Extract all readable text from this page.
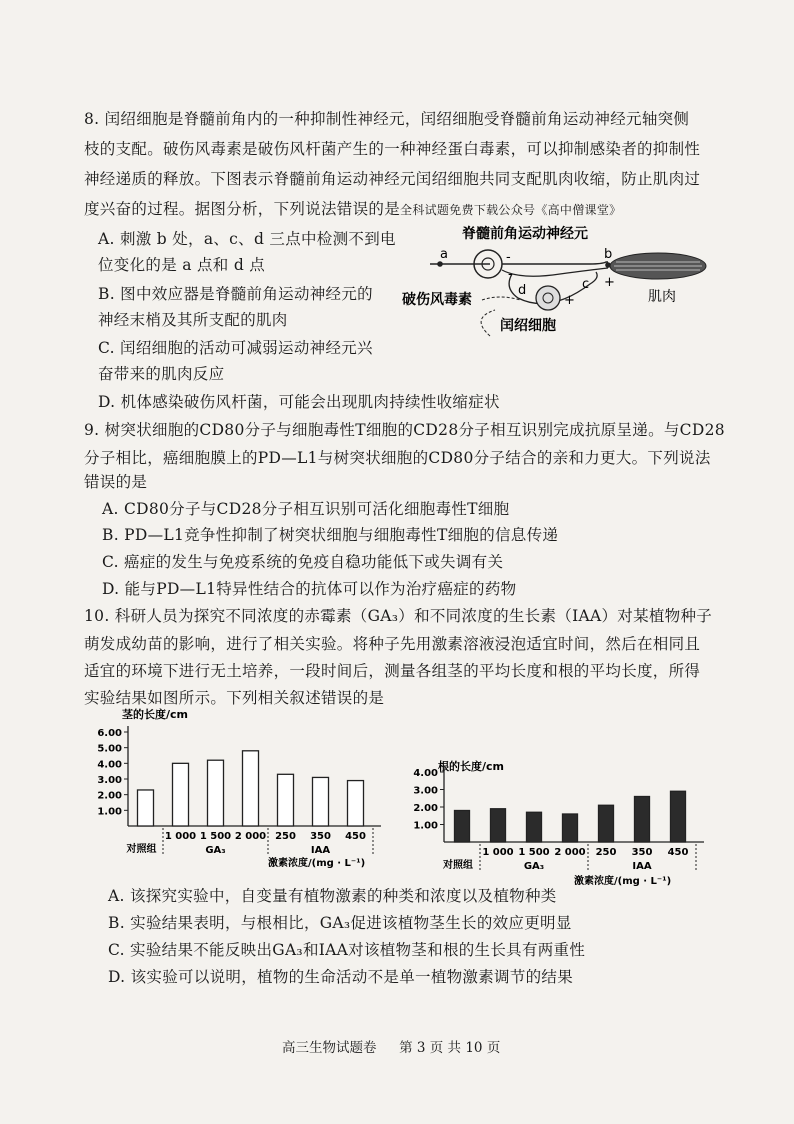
8. 闰绍细胞是脊髓前角内的一种抑制性神经元，闰绍细胞受脊髓前角运动神经元轴突侧
枝的支配。破伤风毒素是破伤风杆菌产生的一种神经蛋白毒素，可以抑制感染者的抑制性
神经递质的释放。下图表示脊髓前角运动神经元闰绍细胞共同支配肌肉收缩，防止肌肉过
度兴奋的过程。据图分析，下列说法错误的是全科试题免费下载公众号《高中僧课堂》
A. 刺激 b 处，a、c、d 三点中检测不到电
位变化的是 a 点和 d 点
B. 图中效应器是脊髓前角运动神经元的
神经末梢及其所支配的肌肉
C. 闰绍细胞的活动可减弱运动神经元兴
奋带来的肌肉反应
D. 机体感染破伤风杆菌，可能会出现肌肉持续性收缩症状
脊髓前角运动神经元
a	-	b
+
肌肉
c
d
+
-
破伤风毒素
闰绍细胞
9. 树突状细胞的CD80分子与细胞毒性T细胞的CD28分子相互识别完成抗原呈递。与CD28
分子相比，癌细胞膜上的PD—L1与树突状细胞的CD80分子结合的亲和力更大。下列说法
错误的是
A. CD80分子与CD28分子相互识别可活化细胞毒性T细胞
B. PD—L1竞争性抑制了树突状细胞与细胞毒性T细胞的信息传递
C. 癌症的发生与免疫系统的免疫自稳功能低下或失调有关
D. 能与PD—L1特异性结合的抗体可以作为治疗癌症的药物
10. 科研人员为探究不同浓度的赤霉素（GA₃）和不同浓度的生长素（IAA）对某植物种子
萌发成幼苗的影响，进行了相关实验。将种子先用激素溶液浸泡适宜时间，然后在相同且
适宜的环境下进行无土培养，一段时间后，测量各组茎的平均长度和根的平均长度，所得
实验结果如图所示。下列相关叙述错误的是
茎的长度/cm
1.00
2.00
3.00
4.00
5.00
6.00
对照组
1 000 1 500 2 000 250 350 450
GA₃	IAA
激素浓度/(mg · L⁻¹)
根的长度/cm
1.00
2.00
3.00
4.00
对照组
1 000 1 500 2 000 250 350 450
GA₃	IAA
激素浓度/(mg · L⁻¹)
A. 该探究实验中，自变量有植物激素的种类和浓度以及植物种类
B. 实验结果表明，与根相比，GA₃促进该植物茎生长的效应更明显
C. 实验结果不能反映出GA₃和IAA对该植物茎和根的生长具有两重性
D. 该实验可以说明，植物的生命活动不是单一植物激素调节的结果
高三生物试题卷 第 3 页 共 10 页
